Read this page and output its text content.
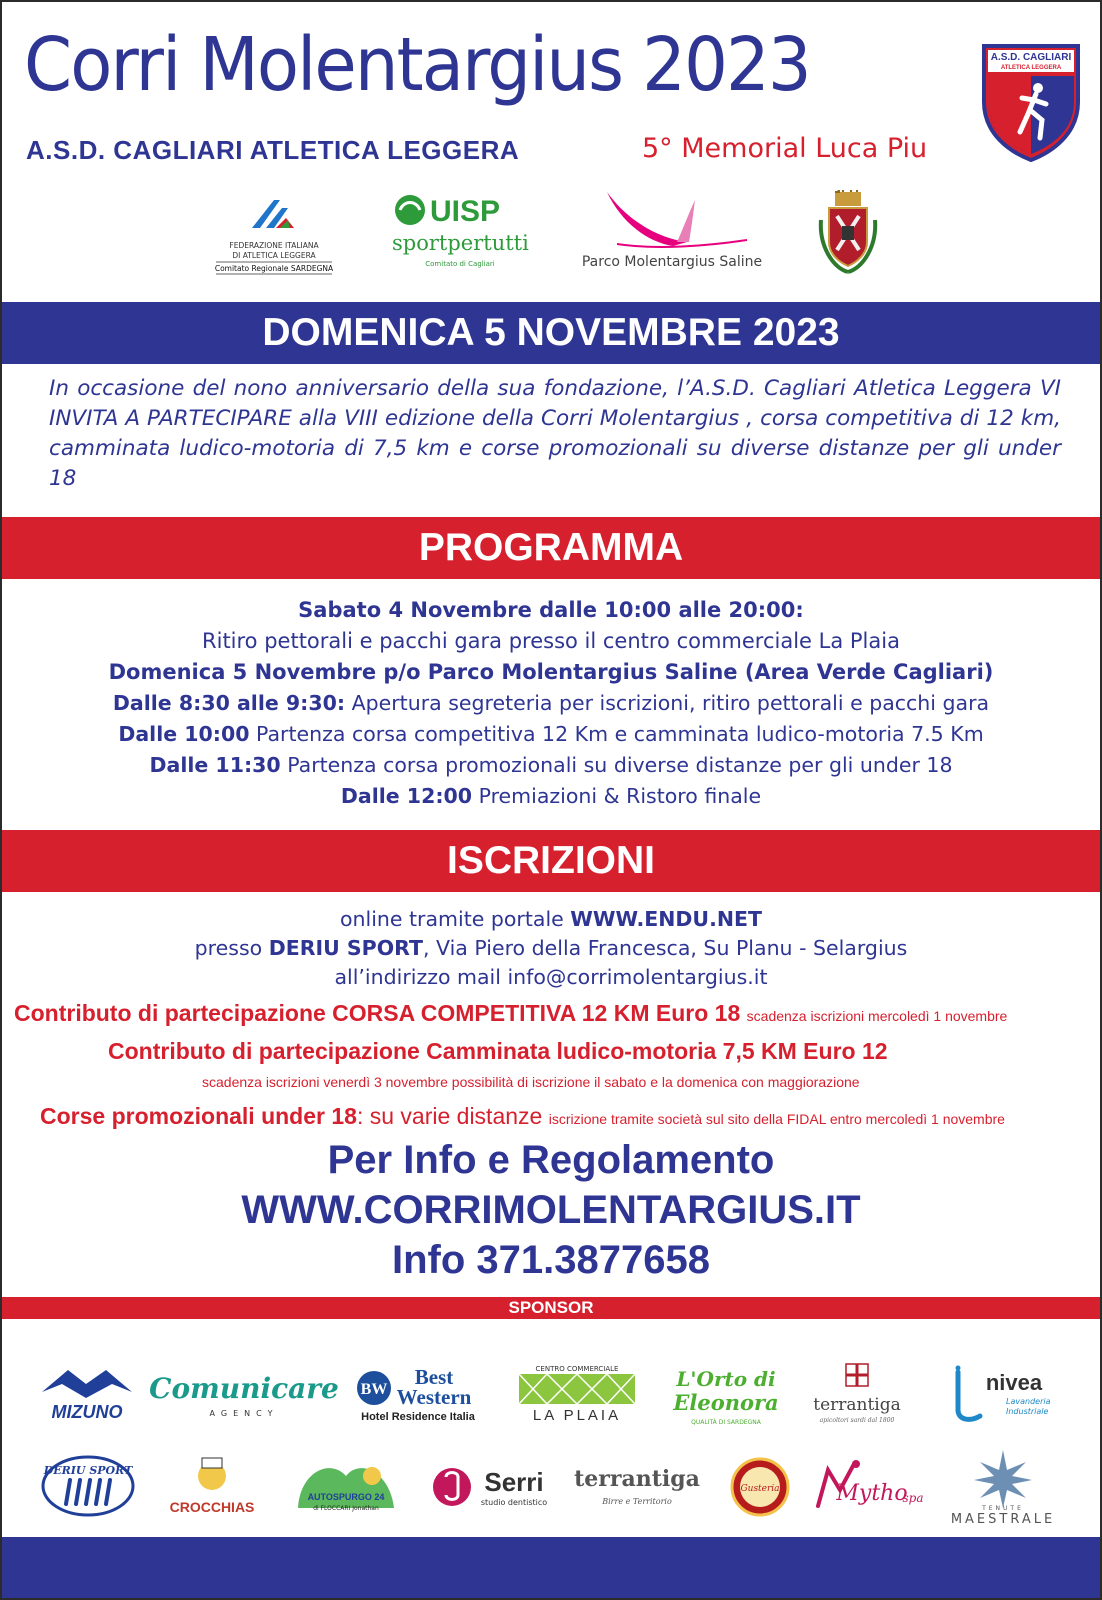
Corri Molentargius 2023
A.S.D. CAGLIARI ATLETICA LEGGERA	5° Memorial Luca Piu
A.S.D. CAGLIARI
ATLETICA LEGGERA
FEDERAZIONE ITALIANA
DI ATLETICA LEGGERA
Comitato Regionale SARDEGNA
UISP
sportpertutti
Comitato di Cagliari	Parco Molentargius Saline
DOMENICA 5 NOVEMBRE 2023
In occasione del nono anniversario della sua fondazione, l’A.S.D. Cagliari Atletica Leggera VI INVITA A PARTECIPARE alla VIII edizione della Corri Molentargius , corsa competitiva di 12 km, camminata ludico-motoria di 7,5 km e corse promozionali su diverse distanze per gli under 18
PROGRAMMA
Sabato 4 Novembre dalle 10:00 alle 20:00:
Ritiro pettorali e pacchi gara presso il centro commerciale La Plaia
Domenica 5 Novembre p/o Parco Molentargius Saline (Area Verde Cagliari)
Dalle 8:30 alle 9:30: Apertura segreteria per iscrizioni, ritiro pettorali e pacchi gara
Dalle 10:00 Partenza corsa competitiva 12 Km e camminata ludico-motoria 7.5 Km
Dalle 11:30 Partenza corsa promozionali su diverse distanze per gli under 18
Dalle 12:00 Premiazioni & Ristoro finale
ISCRIZIONI
online tramite portale WWW.ENDU.NET
presso DERIU SPORT, Via Piero della Francesca, Su Planu - Selargius
all’indirizzo mail info@corrimolentargius.it
Contributo di partecipazione CORSA COMPETITIVA 12 KM Euro 18 scadenza iscrizioni mercoledì 1 novembre
Contributo di partecipazione Camminata ludico-motoria 7,5 KM Euro 12
scadenza iscrizioni venerdì 3 novembre possibilità di iscrizione il sabato e la domenica con maggiorazione
Corse promozionali under 18: su varie distanze iscrizione tramite società sul sito della FIDAL entro mercoledì 1 novembre
Per Info e Regolamento
WWW.CORRIMOLENTARGIUS.IT
Info 371.3877658
SPONSOR
MIZUNO
Comunicare
AGENCY
BW
Best
Western
Hotel Residence Italia
CENTRO COMMERCIALE
LA PLAIA
L'Orto di
Eleonora
QUALITÀ DI SARDEGNA
terrantiga
apicoltori sardi dal 1800
nivea
Lavanderia
Industriale
DERIU SPORT
CROCCHIAS
AUTOSPURGO 24
di FLOCCARI Jonathan
Serri
studio dentistico
terrantiga
Birre e Territorio
Gusteria	Mytho
spa
TENUTE
MAESTRALE
